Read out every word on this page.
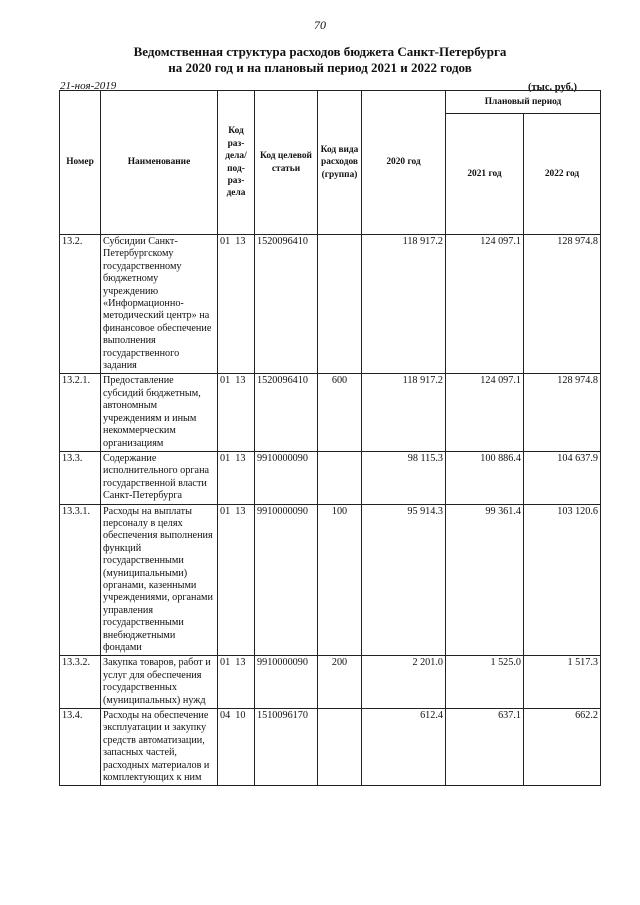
70
Ведомственная структура расходов бюджета Санкт-Петербурга
на 2020 год и на плановый период 2021 и 2022 годов
21-ноя-2019	(тыс. руб.)
Номер	Наименование	Код раз-дела/ под-раз-дела	Код целевой статьи	Код вида расходов (группа)	2020 год	Плановый период	
						2021 год	2022 год
13.2.	Субсидии Санкт-Петербургскому государственному бюджетному учреждению «Информационно-методический центр» на финансовое обеспечение выполнения государственного задания	01 13	1520096410		118 917.2	124 097.1	128 974.8
13.2.1.	Предоставление субсидий бюджетным, автономным учреждениям и иным некоммерческим организациям	01 13	1520096410	600	118 917.2	124 097.1	128 974.8
13.3.	Содержание исполнительного органа государственной власти Санкт-Петербурга	01 13	9910000090		98 115.3	100 886.4	104 637.9
13.3.1.	Расходы на выплаты персоналу в целях обеспечения выполнения функций государственными (муниципальными) органами, казенными учреждениями, органами управления государственными внебюджетными фондами	01 13	9910000090	100	95 914.3	99 361.4	103 120.6
13.3.2.	Закупка товаров, работ и услуг для обеспечения государственных (муниципальных) нужд	01 13	9910000090	200	2 201.0	1 525.0	1 517.3
13.4.	Расходы на обеспечение эксплуатации и закупку средств автоматизации, запасных частей, расходных материалов и комплектующих к ним	04 10	1510096170		612.4	637.1	662.2
